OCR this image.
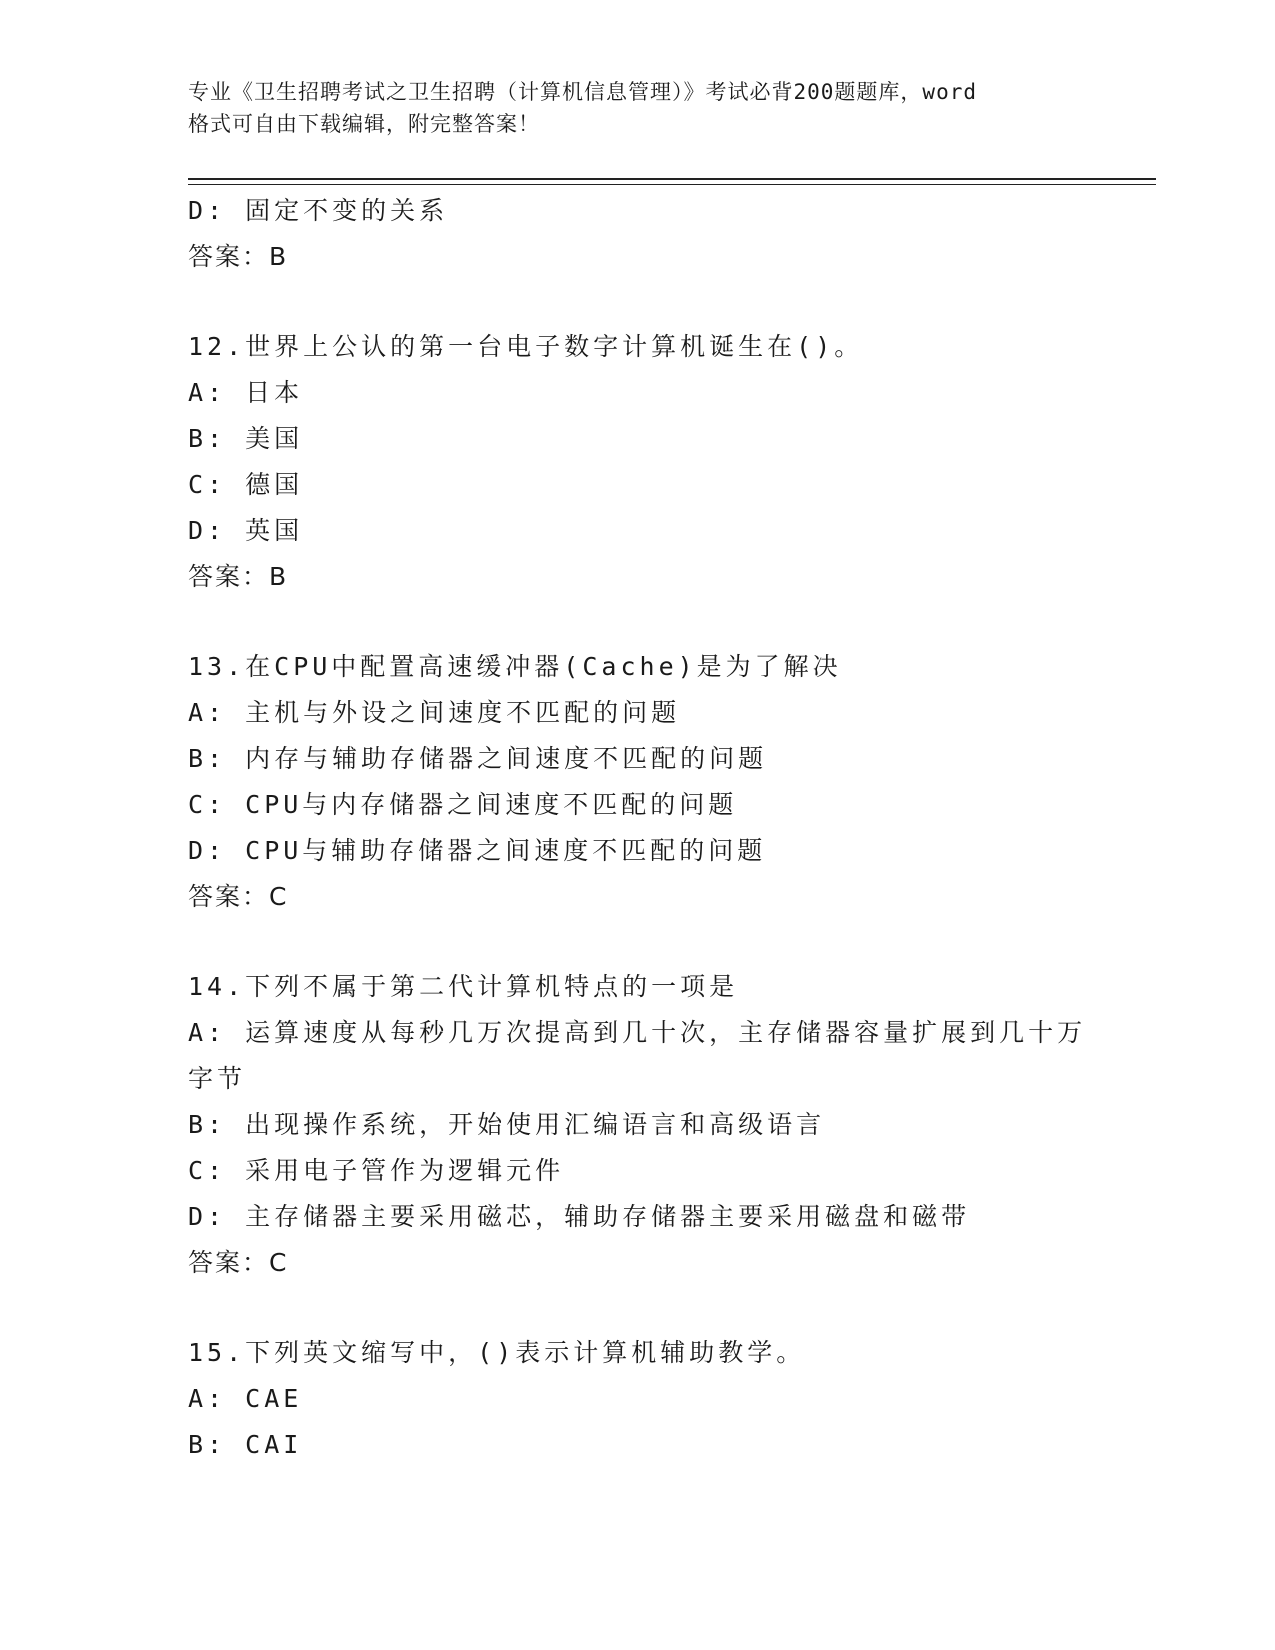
专业《卫生招聘考试之卫生招聘（计算机信息管理）》考试必背200题题库，word
格式可自由下载编辑，附完整答案！
D: 固定不变的关系
答案：B
12.世界上公认的第一台电子数字计算机诞生在()。
A: 日本
B: 美国
C: 德国
D: 英国
答案：B
13.在CPU中配置高速缓冲器(Cache)是为了解决
A: 主机与外设之间速度不匹配的问题
B: 内存与辅助存储器之间速度不匹配的问题
C: CPU与内存储器之间速度不匹配的问题
D: CPU与辅助存储器之间速度不匹配的问题
答案：C
14.下列不属于第二代计算机特点的一项是
A: 运算速度从每秒几万次提高到几十次，主存储器容量扩展到几十万
字节
B: 出现操作系统，开始使用汇编语言和高级语言
C: 采用电子管作为逻辑元件
D: 主存储器主要采用磁芯，辅助存储器主要采用磁盘和磁带
答案：C
15.下列英文缩写中，()表示计算机辅助教学。
A: CAE
B: CAI
